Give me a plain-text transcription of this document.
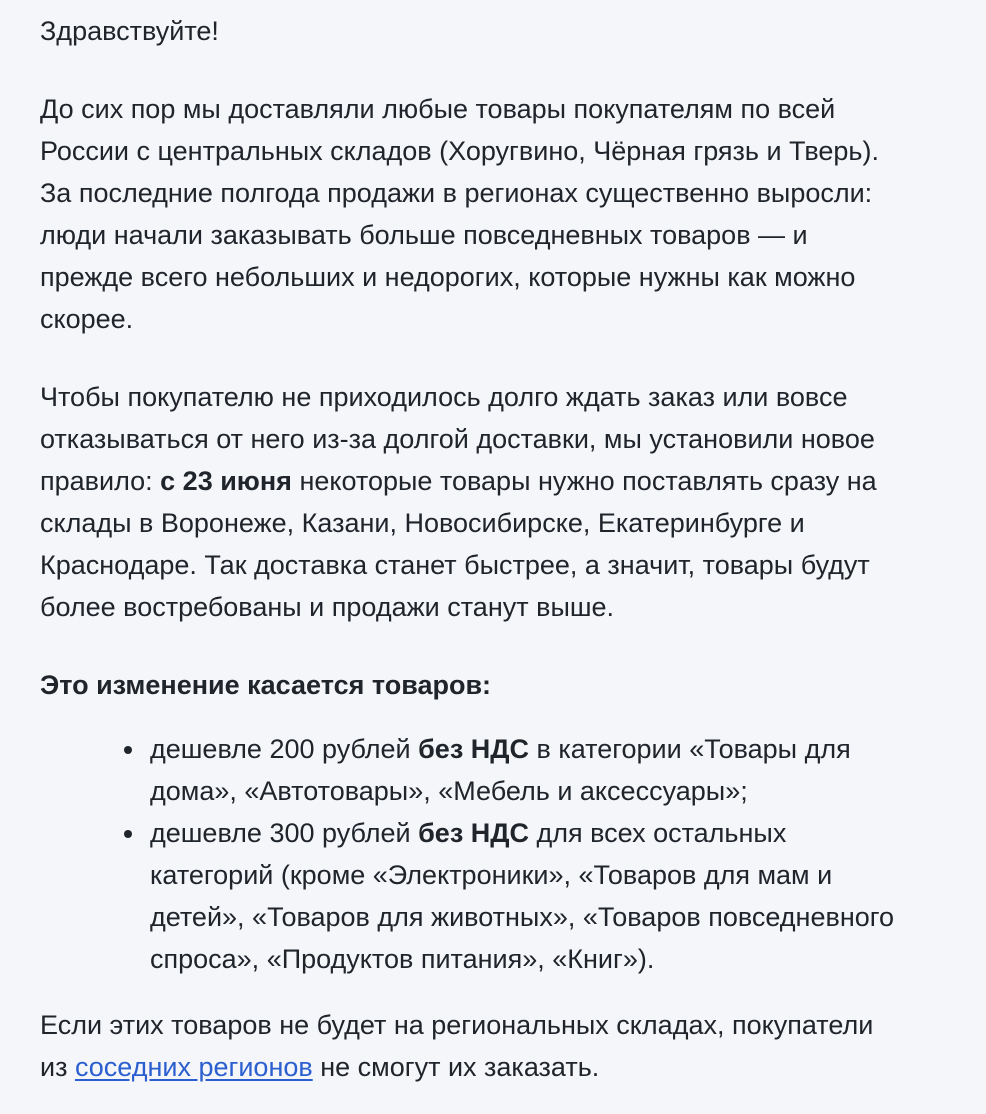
Здравствуйте!

До сих пор мы доставляли любые товары покупателям по всей
России с центральных складов (Хоругвино, Чёрная грязь и Тверь).
За последние полгода продажи в регионах существенно выросли:
люди начали заказывать больше повседневных товаров — и
прежде всего небольших и недорогих, которые нужны как можно
скорее.

Чтобы покупателю не приходилось долго ждать заказ или вовсе
отказываться от него из-за долгой доставки, мы установили новое
правило: с 23 июня некоторые товары нужно поставлять сразу на
склады в Воронеже, Казани, Новосибирске, Екатеринбурге и
Краснодаре. Так доставка станет быстрее, а значит, товары будут
более востребованы и продажи станут выше.

Это изменение касается товаров:

дешевле 200 рублей без НДС в категории «Товары для
дома», «Автотовары», «Мебель и аксессуары»;
дешевле 300 рублей без НДС для всех остальных
категорий (кроме «Электроники», «Товаров для мам и
детей», «Товаров для животных», «Товаров повседневного
спроса», «Продуктов питания», «Книг»).

Если этих товаров не будет на региональных складах, покупатели
из соседних регионов не смогут их заказать.
